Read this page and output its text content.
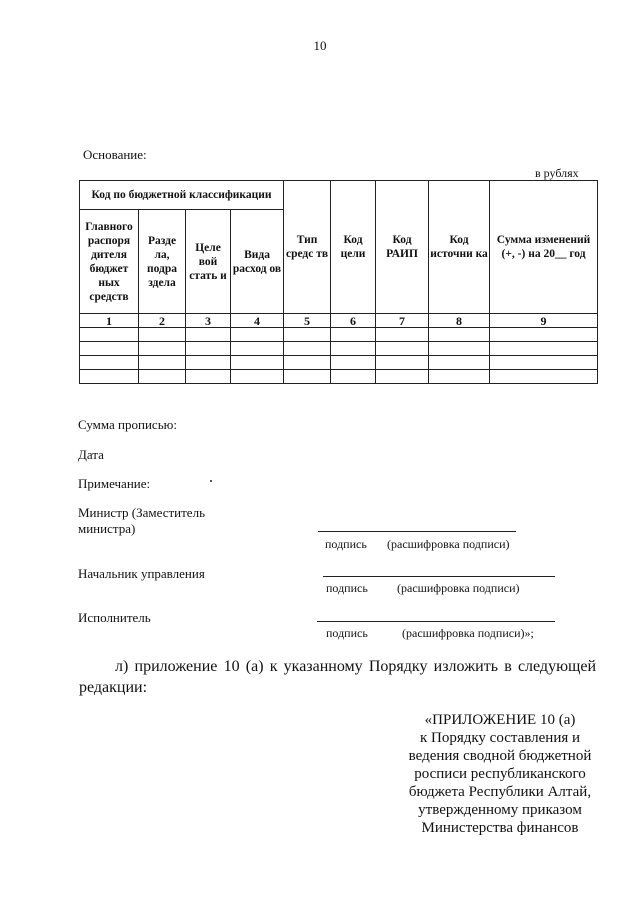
10
Основание:
в рублях
Код по бюджетной классификации				Тип средс тв	Код цели	Код РАИП	Код источни ка	Сумма изменений (+, -) на 20__ год
Главного распоря дителя бюджет ных средств	Разде ла, подра здела	Целе вой стать и	Вида расход ов					
1	2	3	4	5	6	7	8	9

Сумма прописью:
Дата
Примечание:
Министр (Заместитель министра)
подпись (расшифровка подписи)
Начальник управления
подпись (расшифровка подписи)
Исполнитель
подпись	(расшифровка подписи)»;
л) приложение 10 (а) к указанному Порядку изложить в следующей редакции:
«ПРИЛОЖЕНИЕ 10 (а)
к Порядку составления и
ведения сводной бюджетной
росписи республиканского
бюджета Республики Алтай,
утвержденному приказом
Министерства финансов
